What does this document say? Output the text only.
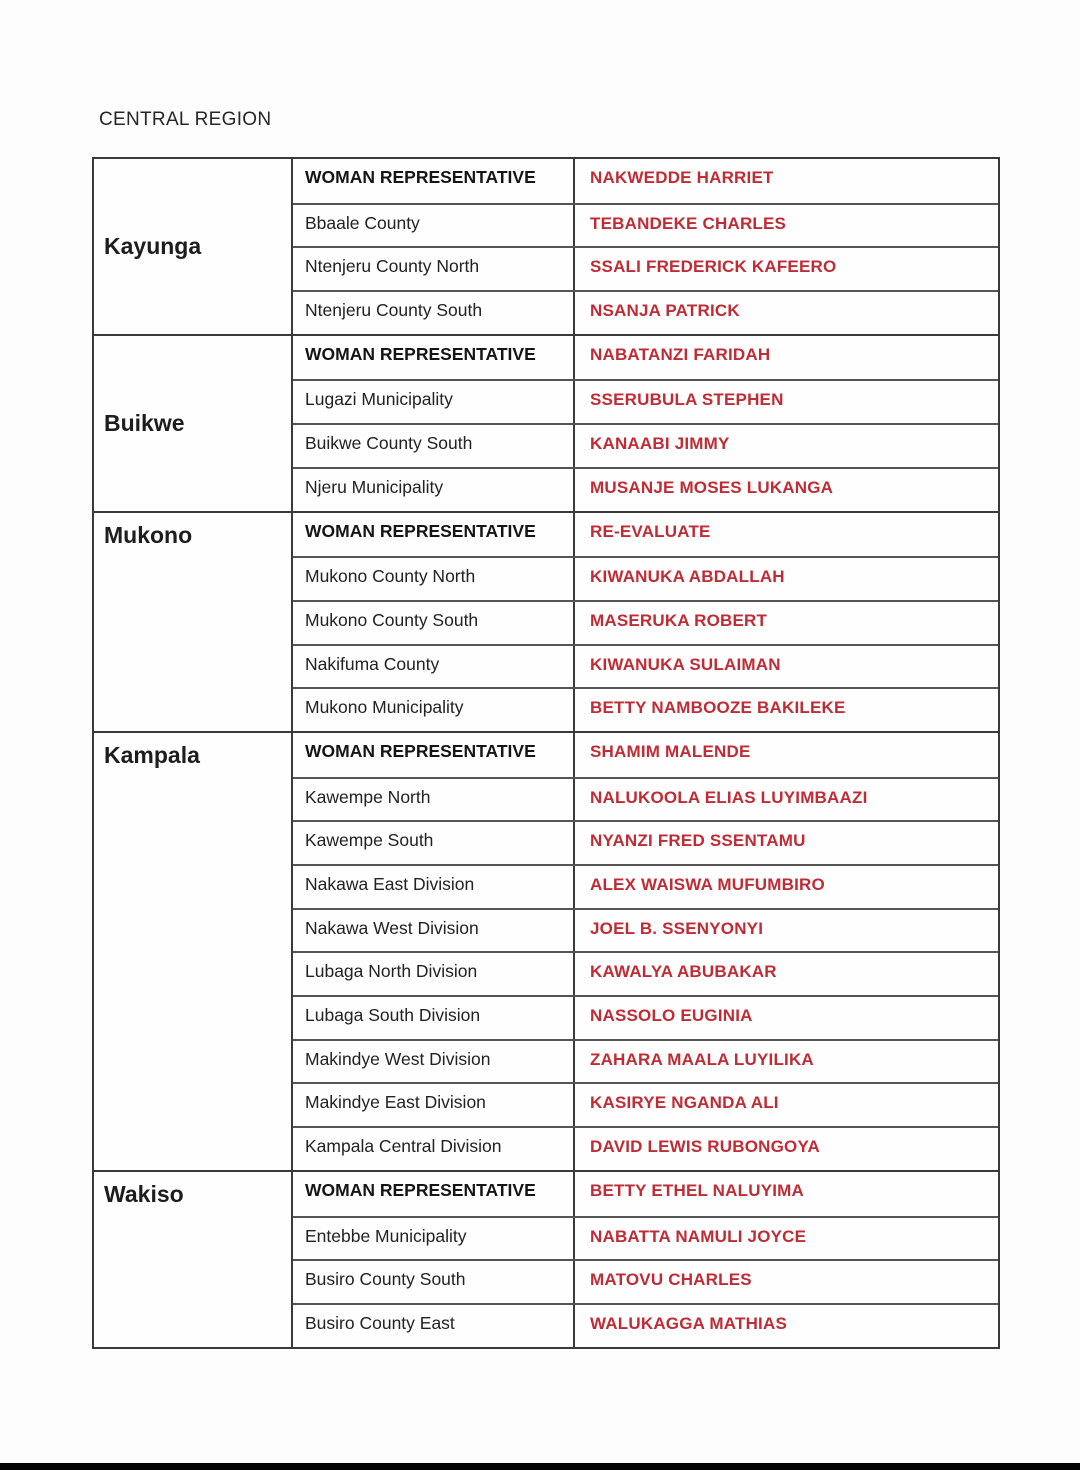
CENTRAL REGION
Kayunga
WOMAN REPRESENTATIVE	NAKWEDDE HARRIET
Bbaale County	TEBANDEKE CHARLES
Ntenjeru County North	SSALI FREDERICK KAFEERO
Ntenjeru County South	NSANJA PATRICK
Buikwe
WOMAN REPRESENTATIVE	NABATANZI FARIDAH
Lugazi Municipality	SSERUBULA STEPHEN
Buikwe County South	KANAABI JIMMY
Njeru Municipality	MUSANJE MOSES LUKANGA
Mukono	WOMAN REPRESENTATIVE	RE-EVALUATE
Mukono County North	KIWANUKA ABDALLAH
Mukono County South	MASERUKA ROBERT
Nakifuma County	KIWANUKA SULAIMAN
Mukono Municipality	BETTY NAMBOOZE BAKILEKE
Kampala	WOMAN REPRESENTATIVE	SHAMIM MALENDE
Kawempe North	NALUKOOLA ELIAS LUYIMBAAZI
Kawempe South	NYANZI FRED SSENTAMU
Nakawa East Division	ALEX WAISWA MUFUMBIRO
Nakawa West Division	JOEL B. SSENYONYI
Lubaga North Division	KAWALYA ABUBAKAR
Lubaga South Division	NASSOLO EUGINIA
Makindye West Division	ZAHARA MAALA LUYILIKA
Makindye East Division	KASIRYE NGANDA ALI
Kampala Central Division	DAVID LEWIS RUBONGOYA
Wakiso	WOMAN REPRESENTATIVE	BETTY ETHEL NALUYIMA
Entebbe Municipality	NABATTA NAMULI JOYCE
Busiro County South	MATOVU CHARLES
Busiro County East	WALUKAGGA MATHIAS
